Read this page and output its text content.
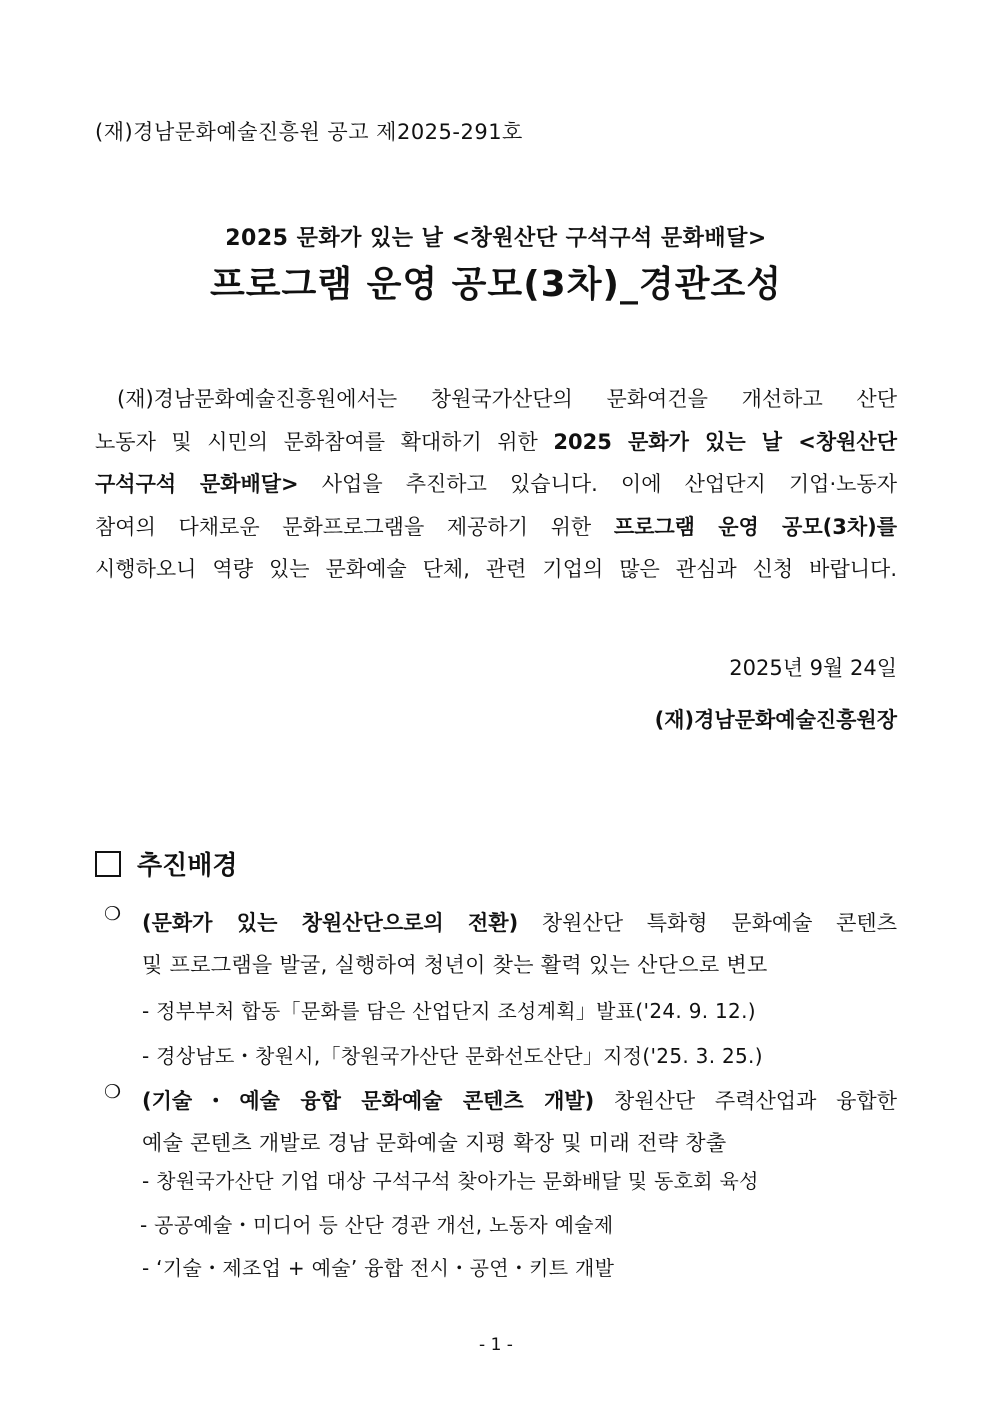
(재)경남문화예술진흥원 공고 제2025-291호
2025 문화가 있는 날 <창원산단 구석구석 문화배달>
프로그램 운영 공모(3차)_경관조성
(재)경남문화예술진흥원에서는 창원국가산단의 문화여건을 개선하고 산단
노동자 및 시민의 문화참여를 확대하기 위한 2025 문화가 있는 날 <창원산단
구석구석 문화배달> 사업을 추진하고 있습니다. 이에 산업단지 기업·노동자
참여의 다채로운 문화프로그램을 제공하기 위한 프로그램 운영 공모(3차)를
시행하오니 역량 있는 문화예술 단체, 관련 기업의 많은 관심과 신청 바랍니다.
2025년 9월 24일
(재)경남문화예술진흥원장
추진배경
❍ (문화가 있는 창원산단으로의 전환) 창원산단 특화형 문화예술 콘텐츠
및 프로그램을 발굴, 실행하여 청년이 찾는 활력 있는 산단으로 변모
- 정부부처 합동「문화를 담은 산업단지 조성계획」발표('24. 9. 12.)
- 경상남도・창원시,「창원국가산단 문화선도산단」지정('25. 3. 25.)
❍ (기술・예술 융합 문화예술 콘텐츠 개발) 창원산단 주력산업과 융합한
예술 콘텐츠 개발로 경남 문화예술 지평 확장 및 미래 전략 창출
- 창원국가산단 기업 대상 구석구석 찾아가는 문화배달 및 동호회 육성
- 공공예술・미디어 등 산단 경관 개선, 노동자 예술제
- ‘기술・제조업 + 예술’ 융합 전시・공연・키트 개발
- 1 -
